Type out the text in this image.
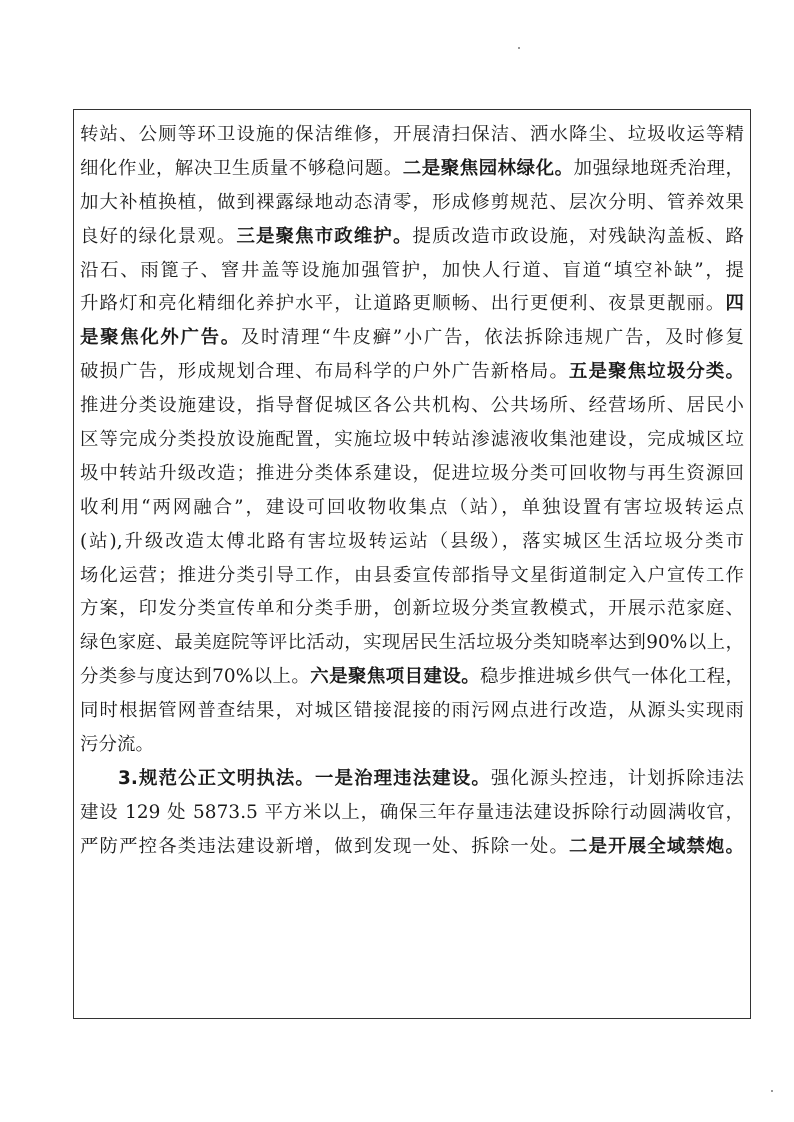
转站、公厕等环卫设施的保洁维修，开展清扫保洁、洒水降尘、垃圾收运等精
细化作业，解决卫生质量不够稳问题。二是聚焦园林绿化。加强绿地斑秃治理，
加大补植换植，做到裸露绿地动态清零，形成修剪规范、层次分明、管养效果
良好的绿化景观。三是聚焦市政维护。提质改造市政设施，对残缺沟盖板、路
沿石、雨篦子、窨井盖等设施加强管护，加快人行道、盲道“填空补缺”，提
升路灯和亮化精细化养护水平，让道路更顺畅、出行更便利、夜景更靓丽。四
是聚焦化外广告。及时清理“牛皮癣”小广告，依法拆除违规广告，及时修复
破损广告，形成规划合理、布局科学的户外广告新格局。五是聚焦垃圾分类。
推进分类设施建设，指导督促城区各公共机构、公共场所、经营场所、居民小
区等完成分类投放设施配置，实施垃圾中转站渗滤液收集池建设，完成城区垃
圾中转站升级改造；推进分类体系建设，促进垃圾分类可回收物与再生资源回
收利用“两网融合”，建设可回收物收集点（站），单独设置有害垃圾转运点
(站),升级改造太傅北路有害垃圾转运站（县级），落实城区生活垃圾分类市
场化运营；推进分类引导工作，由县委宣传部指导文星街道制定入户宣传工作
方案，印发分类宣传单和分类手册，创新垃圾分类宣教模式，开展示范家庭、
绿色家庭、最美庭院等评比活动，实现居民生活垃圾分类知晓率达到90%以上，
分类参与度达到70%以上。六是聚焦项目建设。稳步推进城乡供气一体化工程，
同时根据管网普查结果，对城区错接混接的雨污网点进行改造，从源头实现雨
污分流。
3.规范公正文明执法。一是治理违法建设。强化源头控违，计划拆除违法
建设 129 处 5873.5 平方米以上，确保三年存量违法建设拆除行动圆满收官，
严防严控各类违法建设新增，做到发现一处、拆除一处。二是开展全域禁炮。
